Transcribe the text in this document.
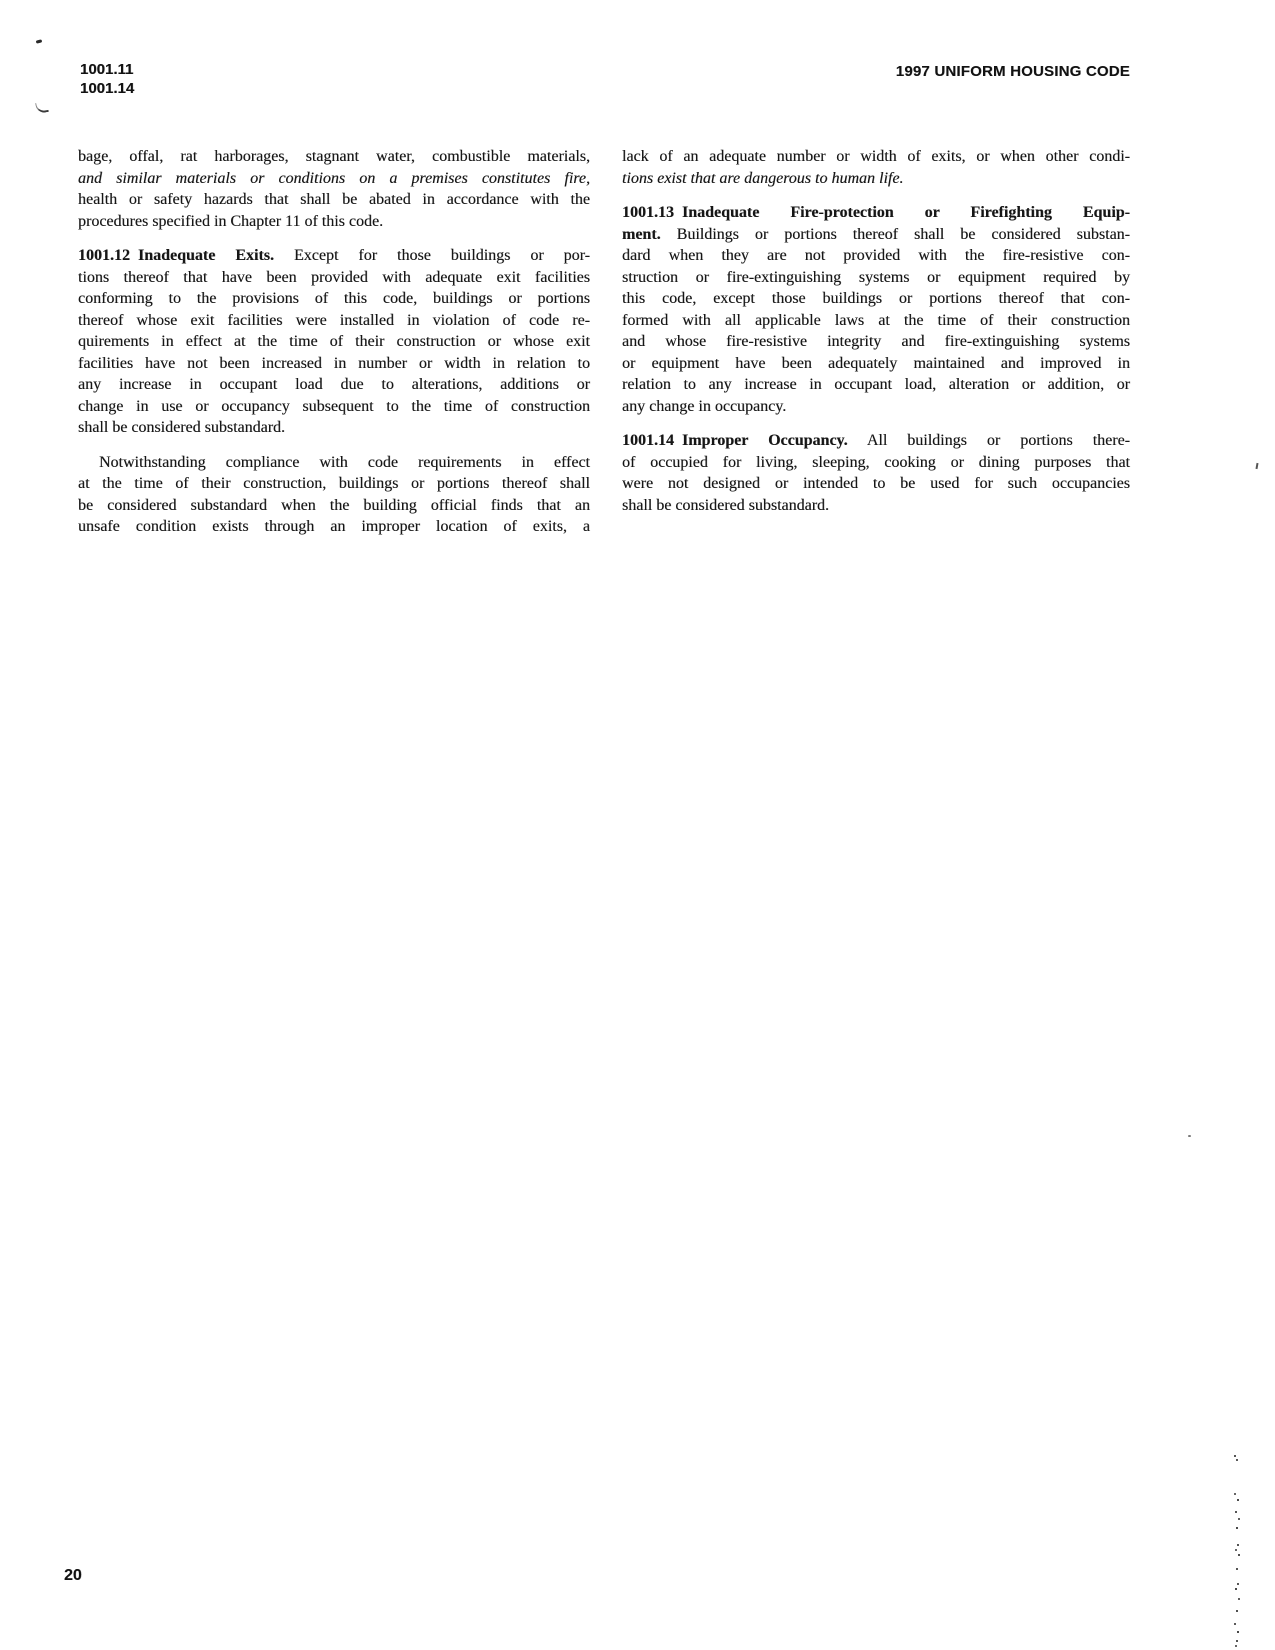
1001.11
1001.14
1997 UNIFORM HOUSING CODE
bage, offal, rat harborages, stagnant water, combustible materials,
and similar materials or conditions on a premises constitutes fire,
health or safety hazards that shall be abated in accordance with the
procedures specified in Chapter 11 of this code.
1001.12 Inadequate Exits. Except for those buildings or por-
tions thereof that have been provided with adequate exit facilities
conforming to the provisions of this code, buildings or portions
thereof whose exit facilities were installed in violation of code re-
quirements in effect at the time of their construction or whose exit
facilities have not been increased in number or width in relation to
any increase in occupant load due to alterations, additions or
change in use or occupancy subsequent to the time of construction
shall be considered substandard.
Notwithstanding compliance with code requirements in effect
at the time of their construction, buildings or portions thereof shall
be considered substandard when the building official finds that an
unsafe condition exists through an improper location of exits, a
lack of an adequate number or width of exits, or when other condi-
tions exist that are dangerous to human life.
1001.13 Inadequate Fire-protection or Firefighting Equip-
ment. Buildings or portions thereof shall be considered substan-
dard when they are not provided with the fire-resistive con-
struction or fire-extinguishing systems or equipment required by
this code, except those buildings or portions thereof that con-
formed with all applicable laws at the time of their construction
and whose fire-resistive integrity and fire-extinguishing systems
or equipment have been adequately maintained and improved in
relation to any increase in occupant load, alteration or addition, or
any change in occupancy.
1001.14 Improper Occupancy. All buildings or portions there-
of occupied for living, sleeping, cooking or dining purposes that
were not designed or intended to be used for such occupancies
shall be considered substandard.
20
